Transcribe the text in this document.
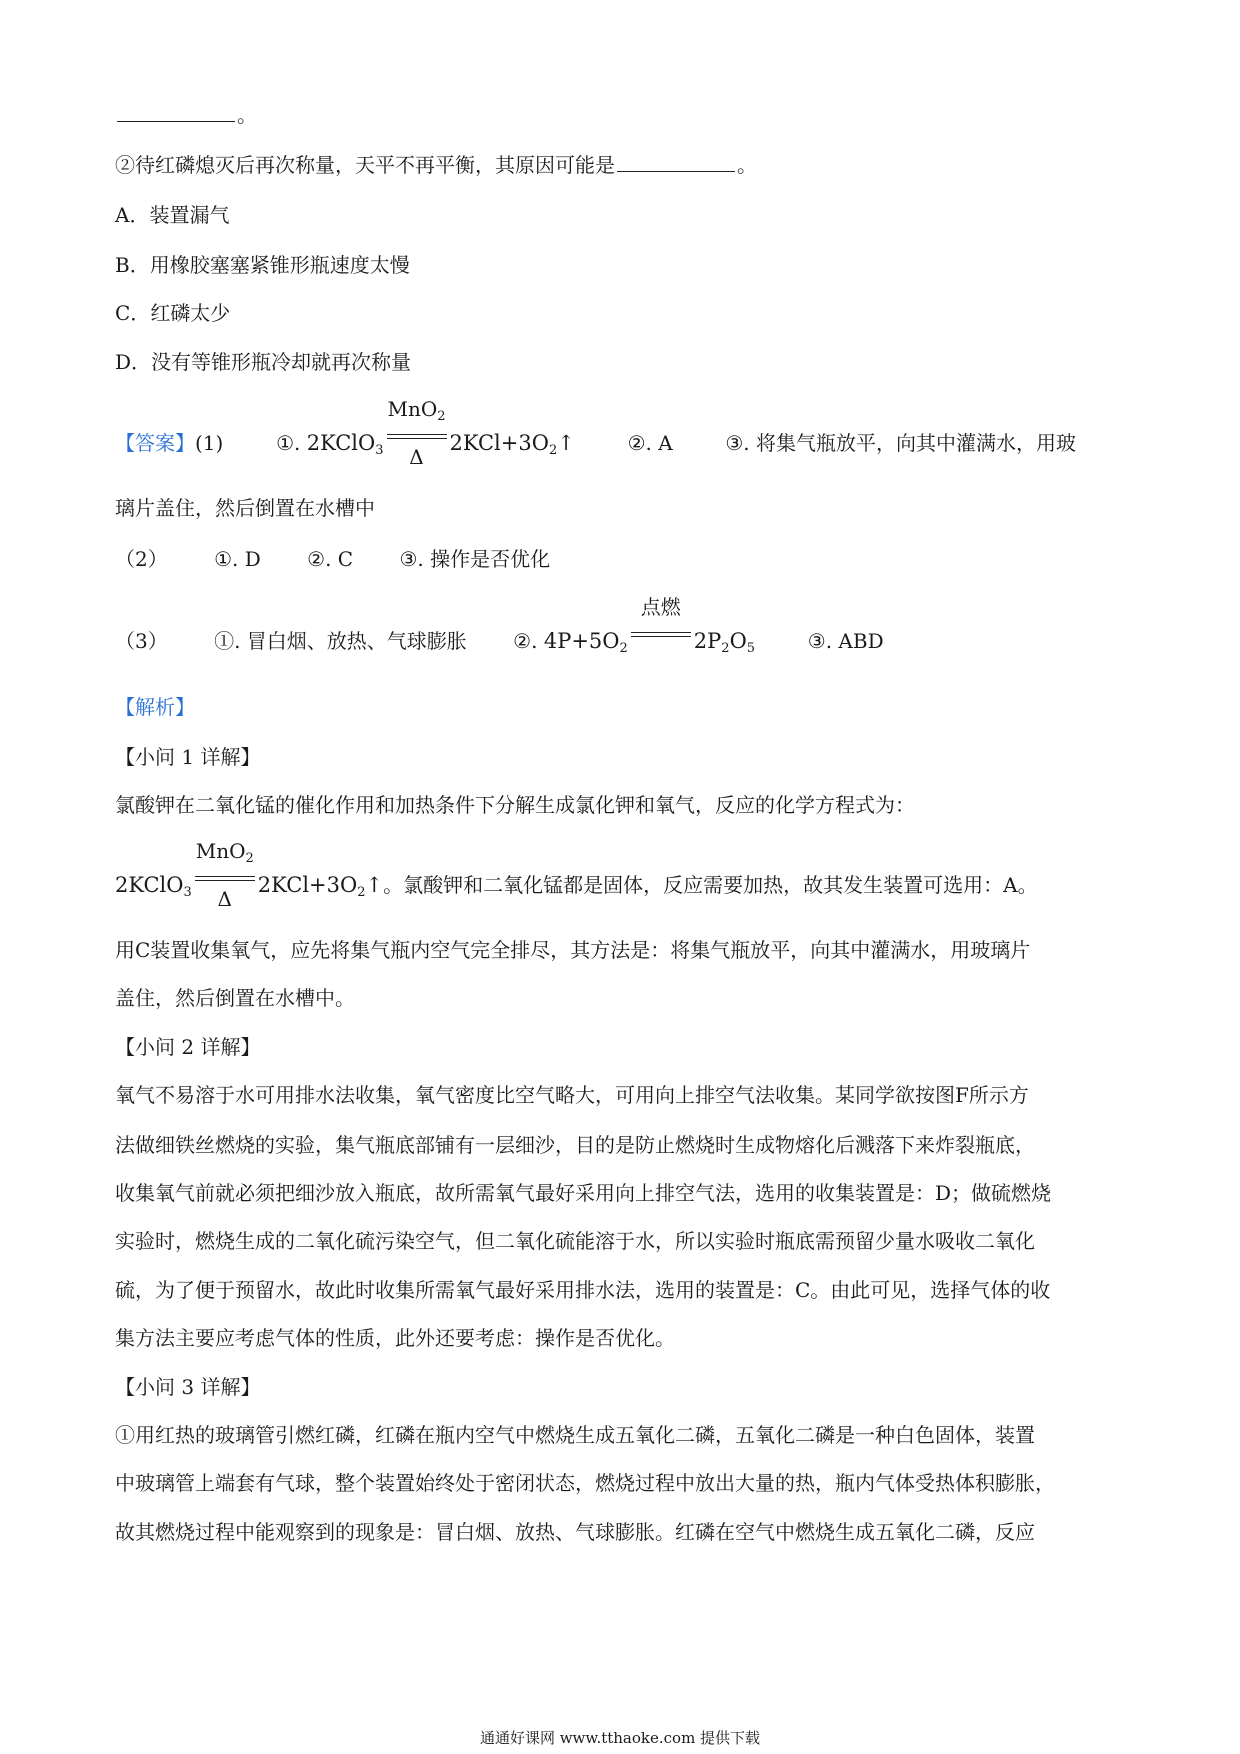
。
②待红磷熄灭后再次称量，天平不再平衡，其原因可能是	。
A．装置漏气
B．用橡胶塞塞紧锥形瓶速度太慢
C．红磷太少
D．没有等锥形瓶冷却就再次称量
【答案】(1)	①. 2KClO$_3$
MnO$_2$
Δ
$2KCl+3O_2↑$	②. A	③. 将集气瓶放平，向其中灌满水，用玻
璃片盖住，然后倒置在水槽中
（2） ①. D ②. C ③. 操作是否优化
（3） ①. 冒白烟、放热、气球膨胀 ②. $4P+5O_2$
点燃
$2P_2O_5$	③. ABD
【解析】
【小问 1 详解】
氯酸钾在二氧化锰的催化作用和加热条件下分解生成氯化钾和氧气，反应的化学方程式为：
2KClO$_3$
MnO$_2$
Δ
$2KCl+3O_2↑$。氯酸钾和二氧化锰都是固体，反应需要加热，故其发生装置可选用：A。
用C装置收集氧气，应先将集气瓶内空气完全排尽，其方法是：将集气瓶放平，向其中灌满水，用玻璃片
盖住，然后倒置在水槽中。
【小问 2 详解】
氧气不易溶于水可用排水法收集，氧气密度比空气略大，可用向上排空气法收集。某同学欲按图F所示方
法做细铁丝燃烧的实验，集气瓶底部铺有一层细沙，目的是防止燃烧时生成物熔化后溅落下来炸裂瓶底，
收集氧气前就必须把细沙放入瓶底，故所需氧气最好采用向上排空气法，选用的收集装置是：D；做硫燃烧
实验时，燃烧生成的二氧化硫污染空气，但二氧化硫能溶于水，所以实验时瓶底需预留少量水吸收二氧化
硫，为了便于预留水，故此时收集所需氧气最好采用排水法，选用的装置是：C。由此可见，选择气体的收
集方法主要应考虑气体的性质，此外还要考虑：操作是否优化。
【小问 3 详解】
①用红热的玻璃管引燃红磷，红磷在瓶内空气中燃烧生成五氧化二磷，五氧化二磷是一种白色固体，装置
中玻璃管上端套有气球，整个装置始终处于密闭状态，燃烧过程中放出大量的热，瓶内气体受热体积膨胀，
故其燃烧过程中能观察到的现象是：冒白烟、放热、气球膨胀。红磷在空气中燃烧生成五氧化二磷，反应
通通好课网 www.tthaoke.com 提供下载
